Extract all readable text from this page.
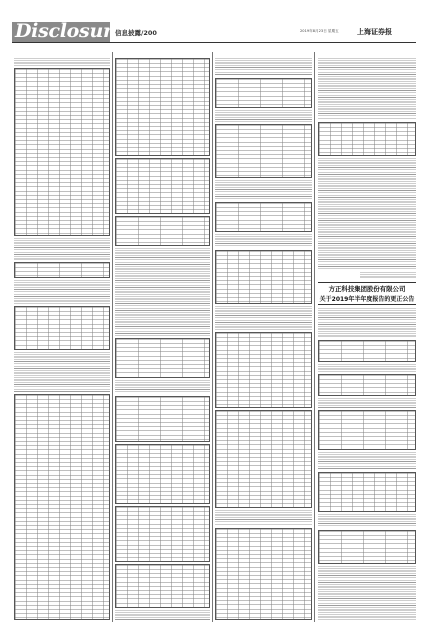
Disclosure
信息披露/200	2019年8月23日 星期五	上海证券报
方正科技集团股份有限公司
关于2019年半年度报告的更正公告
